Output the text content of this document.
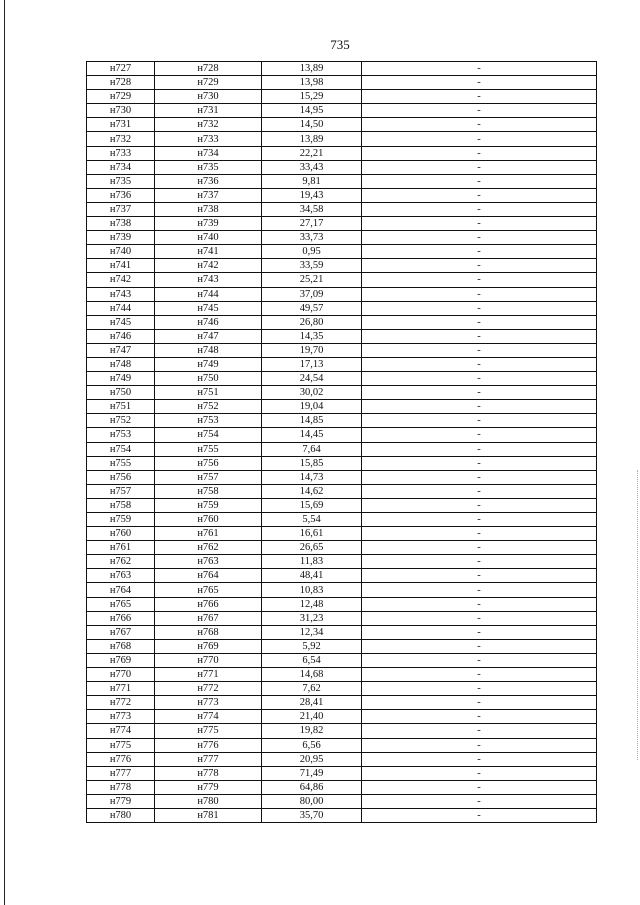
735
н727	н728	13,89	-
н728	н729	13,98	-
н729	н730	15,29	-
н730	н731	14,95	-
н731	н732	14,50	-
н732	н733	13,89	-
н733	н734	22,21	-
н734	н735	33,43	-
н735	н736	9,81	-
н736	н737	19,43	-
н737	н738	34,58	-
н738	н739	27,17	-
н739	н740	33,73	-
н740	н741	0,95	-
н741	н742	33,59	-
н742	н743	25,21	-
н743	н744	37,09	-
н744	н745	49,57	-
н745	н746	26,80	-
н746	н747	14,35	-
н747	н748	19,70	-
н748	н749	17,13	-
н749	н750	24,54	-
н750	н751	30,02	-
н751	н752	19,04	-
н752	н753	14,85	-
н753	н754	14,45	-
н754	н755	7,64	-
н755	н756	15,85	-
н756	н757	14,73	-
н757	н758	14,62	-
н758	н759	15,69	-
н759	н760	5,54	-
н760	н761	16,61	-
н761	н762	26,65	-
н762	н763	11,83	-
н763	н764	48,41	-
н764	н765	10,83	-
н765	н766	12,48	-
н766	н767	31,23	-
н767	н768	12,34	-
н768	н769	5,92	-
н769	н770	6,54	-
н770	н771	14,68	-
н771	н772	7,62	-
н772	н773	28,41	-
н773	н774	21,40	-
н774	н775	19,82	-
н775	н776	6,56	-
н776	н777	20,95	-
н777	н778	71,49	-
н778	н779	64,86	-
н779	н780	80,00	-
н780	н781	35,70	-
